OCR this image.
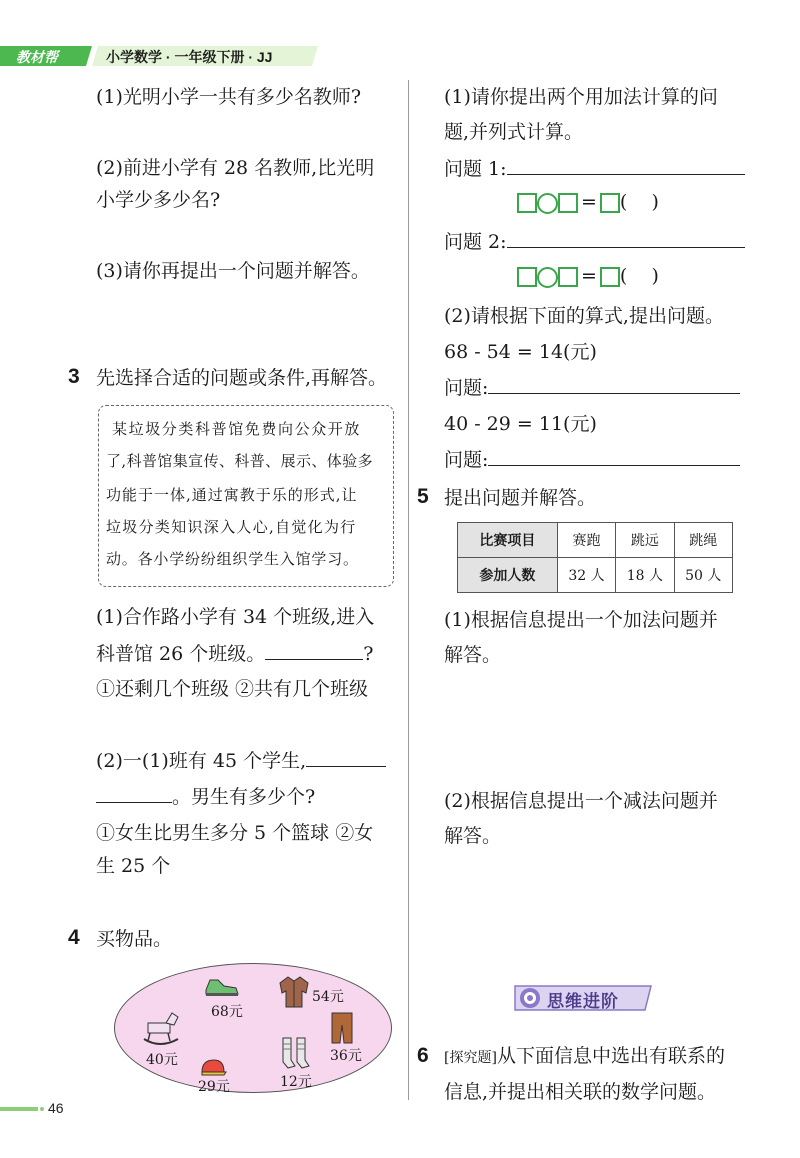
教材帮	小学数学 · 一年级下册 · JJ
(1)光明小学一共有多少名教师?
(2)前进小学有 28 名教师,比光明
小学少多少名?
(3)请你再提出一个问题并解答。
3 先选择合适的问题或条件,再解答。
某垃圾分类科普馆免费向公众开放
了,科普馆集宣传、科普、展示、体验多
功能于一体,通过寓教于乐的形式,让
垃圾分类知识深入人心,自觉化为行
动。各小学纷纷组织学生入馆学习。
(1)合作路小学有 34 个班级,进入
科普馆 26 个班级。	?
①还剩几个班级 ②共有几个班级
(2)一(1)班有 45 个学生,
。男生有多少个?
①女生比男生多分 5 个篮球 ②女
生 25 个
4 买物品。
68元
54元
40元	36元
29元	12元
(1)请你提出两个用加法计算的问
题,并列式计算。
问题 1:
= (    )
问题 2:
= (    )
(2)请根据下面的算式,提出问题。
68 - 54 = 14(元)
问题:
40 - 29 = 11(元)
问题:
5 提出问题并解答。
比赛项目	赛跑	跳远	跳绳
参加人数	32 人	18 人	50 人
(1)根据信息提出一个加法问题并
解答。
(2)根据信息提出一个减法问题并
解答。
思维进阶
6 [探究题]从下面信息中选出有联系的
信息,并提出相关联的数学问题。
46
